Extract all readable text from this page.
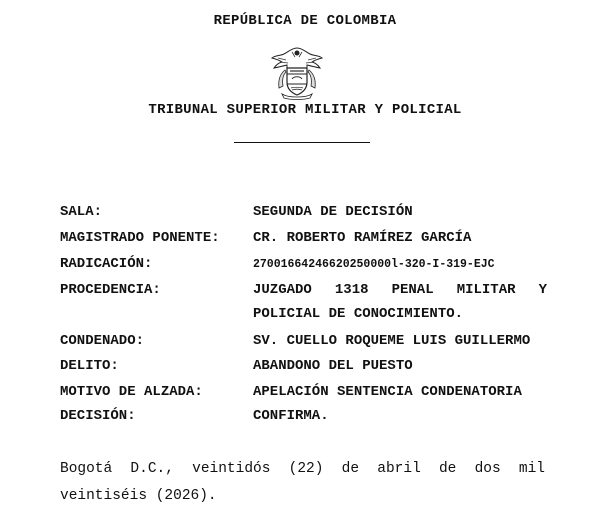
REPÚBLICA DE COLOMBIA
TRIBUNAL SUPERIOR MILITAR Y POLICIAL
SALA:	SEGUNDA DE DECISIÓN
MAGISTRADO PONENTE: CR. ROBERTO RAMÍREZ GARCÍA
RADICACIÓN:	27001664246620250000l-320-I-319-EJC
PROCEDENCIA:	JUZGADO 1318 PENAL MILITAR Y
POLICIAL DE CONOCIMIENTO.
CONDENADO:	SV. CUELLO ROQUEME LUIS GUILLERMO
DELITO:	ABANDONO DEL PUESTO
MOTIVO DE ALZADA:	APELACIÓN SENTENCIA CONDENATORIA
DECISIÓN:	CONFIRMA.
Bogotá D.C., veintidós (22) de abril de dos mil
veintiséis (2026).
